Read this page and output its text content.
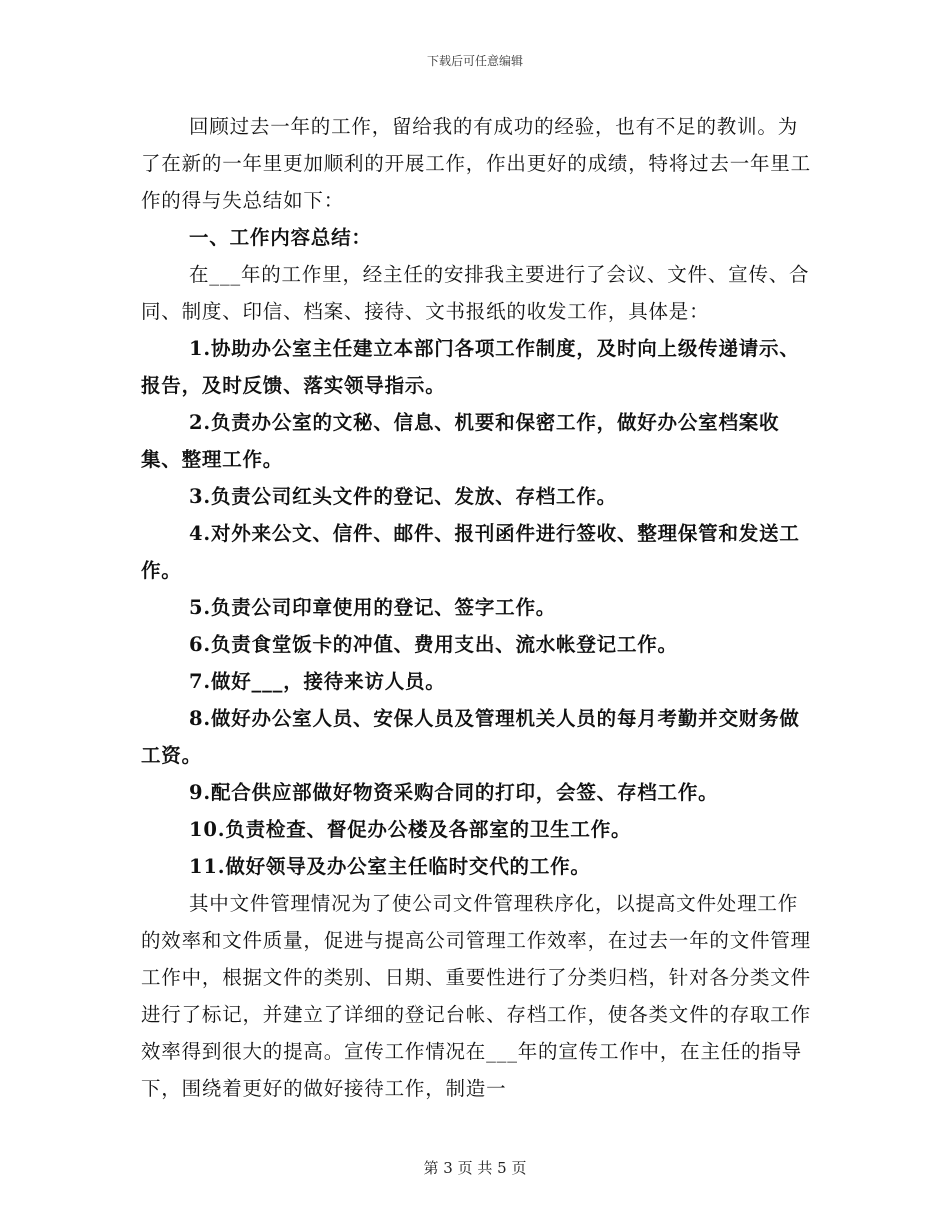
下载后可任意编辑

回顾过去一年的工作，留给我的有成功的经验，也有不足的教训。为了在新的一年里更加顺利的开展工作，作出更好的成绩，特将过去一年里工作的得与失总结如下：

一、工作内容总结：

在___年的工作里，经主任的安排我主要进行了会议、文件、宣传、合同、制度、印信、档案、接待、文书报纸的收发工作，具体是：

1.协助办公室主任建立本部门各项工作制度，及时向上级传递请示、报告，及时反馈、落实领导指示。

2.负责办公室的文秘、信息、机要和保密工作，做好办公室档案收集、整理工作。

3.负责公司红头文件的登记、发放、存档工作。

4.对外来公文、信件、邮件、报刊函件进行签收、整理保管和发送工作。

5.负责公司印章使用的登记、签字工作。

6.负责食堂饭卡的冲值、费用支出、流水帐登记工作。

7.做好___，接待来访人员。

8.做好办公室人员、安保人员及管理机关人员的每月考勤并交财务做工资。

9.配合供应部做好物资采购合同的打印，会签、存档工作。

10.负责检查、督促办公楼及各部室的卫生工作。

11.做好领导及办公室主任临时交代的工作。

其中文件管理情况为了使公司文件管理秩序化，以提高文件处理工作的效率和文件质量，促进与提高公司管理工作效率，在过去一年的文件管理工作中，根据文件的类别、日期、重要性进行了分类归档，针对各分类文件进行了标记，并建立了详细的登记台帐、存档工作，使各类文件的存取工作效率得到很大的提高。宣传工作情况在___年的宣传工作中，在主任的指导下，围绕着更好的做好接待工作，制造一

第 3 页 共 5 页
